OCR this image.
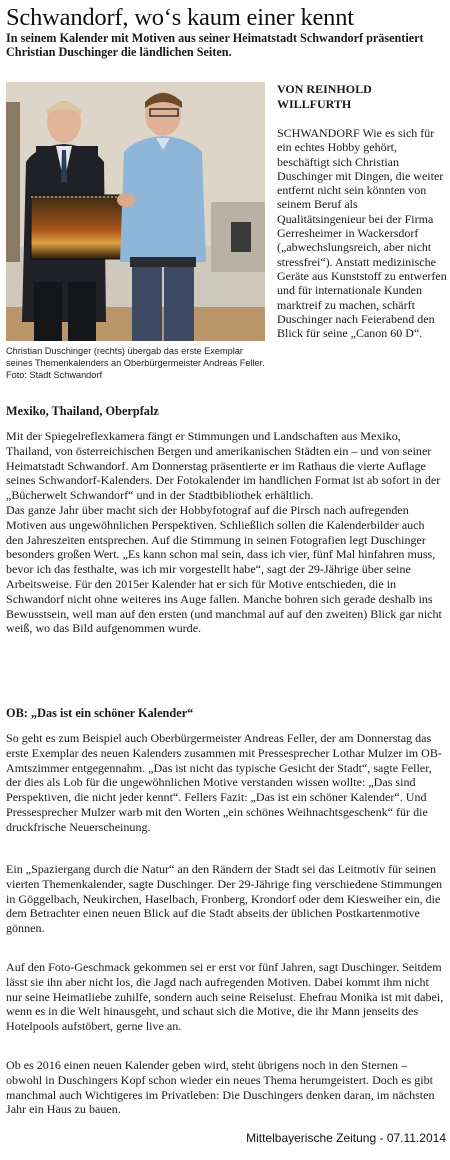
Schwandorf, wo‘s kaum einer kennt

In seinem Kalender mit Motiven aus seiner Heimatstadt Schwandorf präsentiert Christian Duschinger die ländlichen Seiten.

Christian Duschinger (rechts) übergab das erste Exemplar seines Themenkalenders an Oberbürgermeister Andreas Feller. Foto: Stadt Schwandorf

VON REINHOLD WILLFURTH

SCHWANDORF Wie es sich für ein echtes Hobby gehört, beschäftigt sich Christian Duschinger mit Dingen, die weiter entfernt nicht sein könnten von seinem Beruf als Qualitätsingenieur bei der Firma Gerresheimer in Wackersdorf („abwechslungsreich, aber nicht stressfrei“). Anstatt medizinische Geräte aus Kunststoff zu entwerfen und für internationale Kunden marktreif zu machen, schärft Duschinger nach Feierabend den Blick für seine „Canon 60 D“.

Mexiko, Thailand, Oberpfalz

Mit der Spiegelreflexkamera fängt er Stimmungen und Landschaften aus Mexiko, Thailand, von österreichischen Bergen und amerikanischen Städten ein – und von seiner Heimatstadt Schwandorf. Am Donnerstag präsentierte er im Rathaus die vierte Auflage seines Schwandorf-Kalenders. Der Fotokalender im handlichen Format ist ab sofort in der „Bücherwelt Schwandorf“ und in der Stadtbibliothek erhältlich.

Das ganze Jahr über macht sich der Hobbyfotograf auf die Pirsch nach aufregenden Motiven aus ungewöhnlichen Perspektiven. Schließlich sollen die Kalenderbilder auch den Jahreszeiten entsprechen. Auf die Stimmung in seinen Fotografien legt Duschinger besonders großen Wert. „Es kann schon mal sein, dass ich vier, fünf Mal hinfahren muss, bevor ich das festhalte, was ich mir vorgestellt habe“, sagt der 29-Jährige über seine Arbeitsweise. Für den 2015er Kalender hat er sich für Motive entschieden, die in Schwandorf nicht ohne weiteres ins Auge fallen. Manche bohren sich gerade deshalb ins Bewusstsein, weil man auf den ersten (und manchmal auf auf den zweiten) Blick gar nicht weiß, wo das Bild aufgenommen wurde.

OB: „Das ist ein schöner Kalender“

So geht es zum Beispiel auch Oberbürgermeister Andreas Feller, der am Donnerstag das erste Exemplar des neuen Kalenders zusammen mit Pressesprecher Lothar Mulzer im OB-Amtszimmer entgegennahm. „Das ist nicht das typische Gesicht der Stadt“, sagte Feller, der dies als Lob für die ungewöhnlichen Motive verstanden wissen wollte: „Das sind Perspektiven, die nicht jeder kennt“. Fellers Fazit: „Das ist ein schöner Kalender“. Und Pressesprecher Mulzer warb mit den Worten „ein schönes Weihnachtsgeschenk“ für die druckfrische Neuerscheinung.

Ein „Spaziergang durch die Natur“ an den Rändern der Stadt sei das Leitmotiv für seinen vierten Themenkalender, sagte Duschinger. Der 29-Jährige fing verschiedene Stimmungen in Göggelbach, Neukirchen, Haselbach, Fronberg, Krondorf oder dem Kiesweiher ein, die dem Betrachter einen neuen Blick auf die Stadt abseits der üblichen Postkartenmotive gönnen.

Auf den Foto-Geschmack gekommen sei er erst vor fünf Jahren, sagt Duschinger. Seitdem lässt sie ihn aber nicht los, die Jagd nach aufregenden Motiven. Dabei kommt ihm nicht nur seine Heimatliebe zuhilfe, sondern auch seine Reiselust. Ehefrau Monika ist mit dabei, wenn es in die Welt hinausgeht, und schaut sich die Motive, die ihr Mann jenseits des Hotelpools aufstöbert, gerne live an.

Ob es 2016 einen neuen Kalender geben wird, steht übrigens noch in den Sternen – obwohl in Duschingers Kopf schon wieder ein neues Thema herumgeistert. Doch es gibt manchmal auch Wichtigeres im Privatleben: Die Duschingers denken daran, im nächsten Jahr ein Haus zu bauen.

Mittelbayerische Zeitung - 07.11.2014
